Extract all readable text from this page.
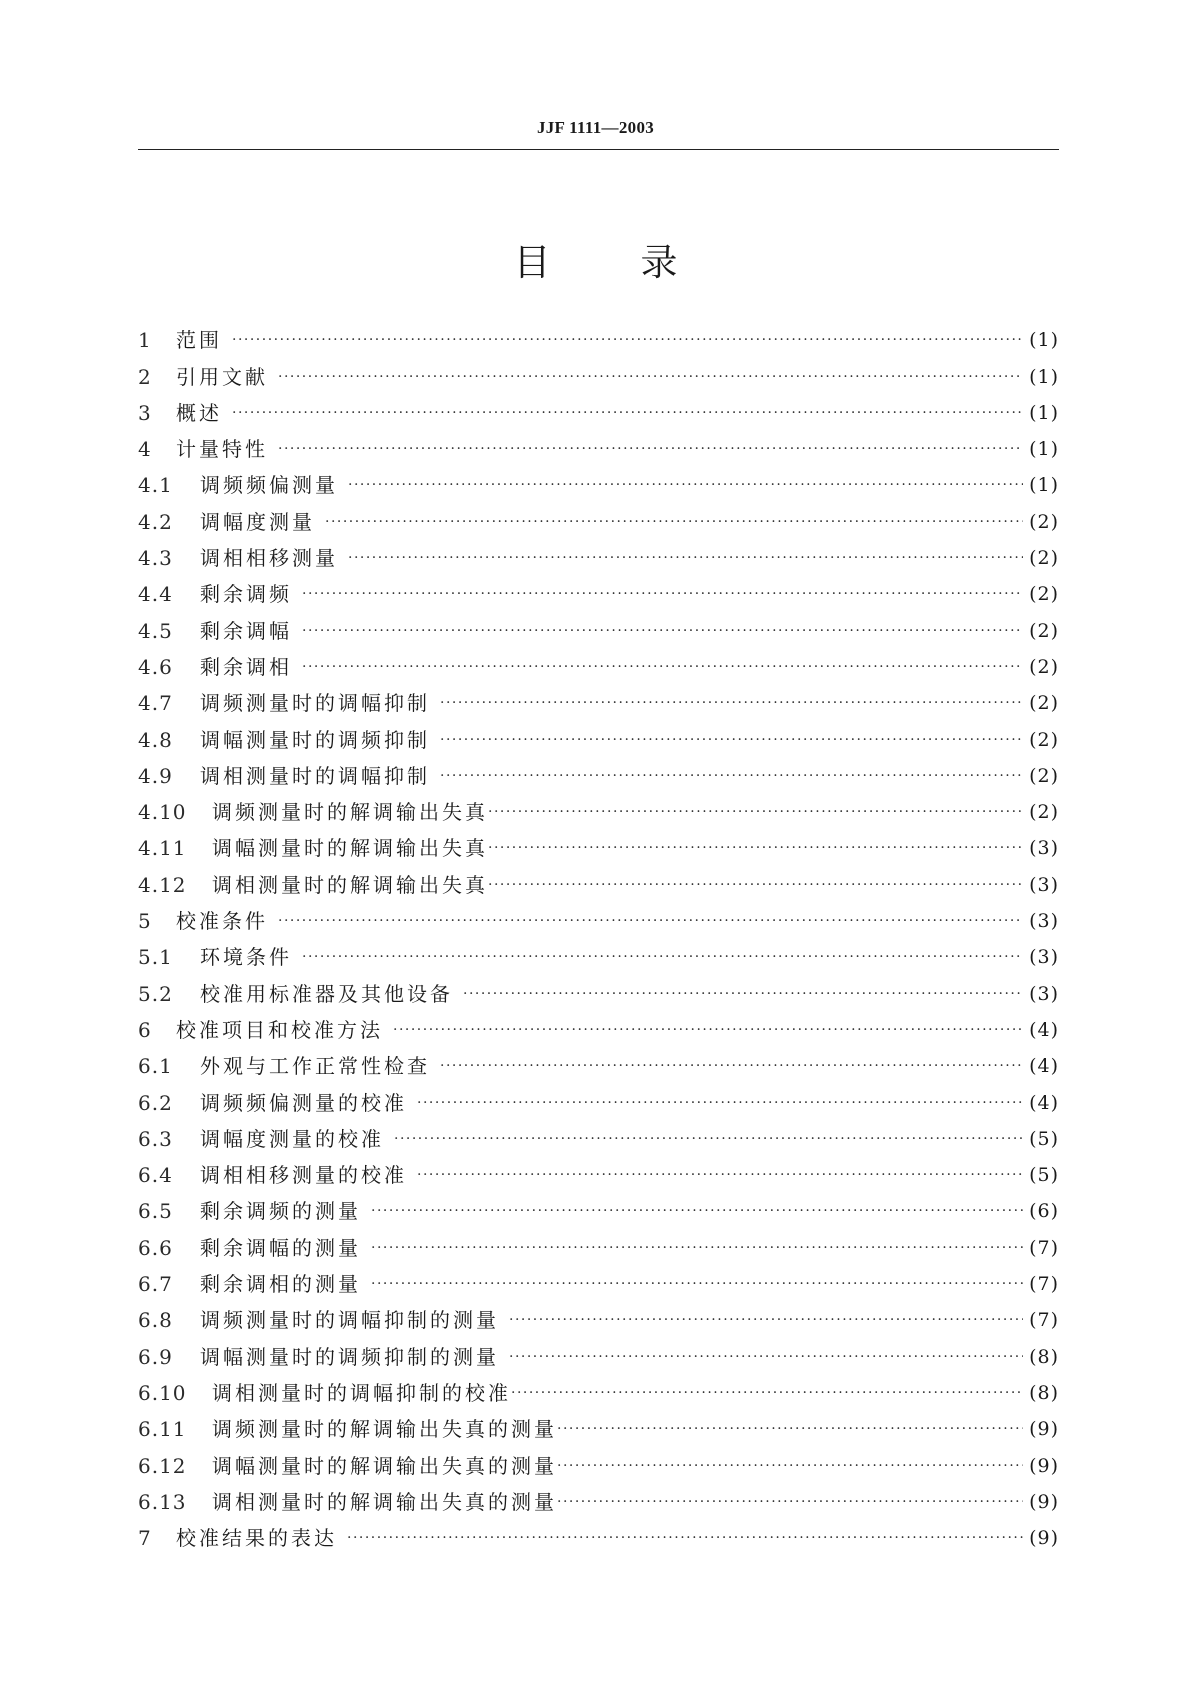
JJF 1111—2003
目 录
1	范围 ·····	(1)
2	引用文献 ·····	(1)
3	概述 ·····	(1)
4	计量特性 ·····	(1)
4.1	调频频偏测量 ·····	(1)
4.2	调幅度测量 ·····	(2)
4.3	调相相移测量 ·····	(2)
4.4	剩余调频 ·····	(2)
4.5	剩余调幅 ·····	(2)
4.6	剩余调相 ·····	(2)
4.7	调频测量时的调幅抑制 ·····	(2)
4.8	调幅测量时的调频抑制 ·····	(2)
4.9	调相测量时的调幅抑制 ·····	(2)
4.10	调频测量时的解调输出失真 ·····	(2)
4.11	调幅测量时的解调输出失真 ·····	(3)
4.12	调相测量时的解调输出失真 ·····	(3)
5	校准条件 ·····	(3)
5.1	环境条件 ·····	(3)
5.2	校准用标准器及其他设备 ·····	(3)
6	校准项目和校准方法 ·····	(4)
6.1	外观与工作正常性检查 ·····	(4)
6.2	调频频偏测量的校准 ·····	(4)
6.3	调幅度测量的校准 ·····	(5)
6.4	调相相移测量的校准 ·····	(5)
6.5	剩余调频的测量 ·····	(6)
6.6	剩余调幅的测量 ·····	(7)
6.7	剩余调相的测量 ·····	(7)
6.8	调频测量时的调幅抑制的测量 ·····	(7)
6.9	调幅测量时的调频抑制的测量 ·····	(8)
6.10	调相测量时的调幅抑制的校准 ·····	(8)
6.11	调频测量时的解调输出失真的测量 ·····	(9)
6.12	调幅测量时的解调输出失真的测量 ·····	(9)
6.13	调相测量时的解调输出失真的测量 ·····	(9)
7	校准结果的表达 ·····	(9)
